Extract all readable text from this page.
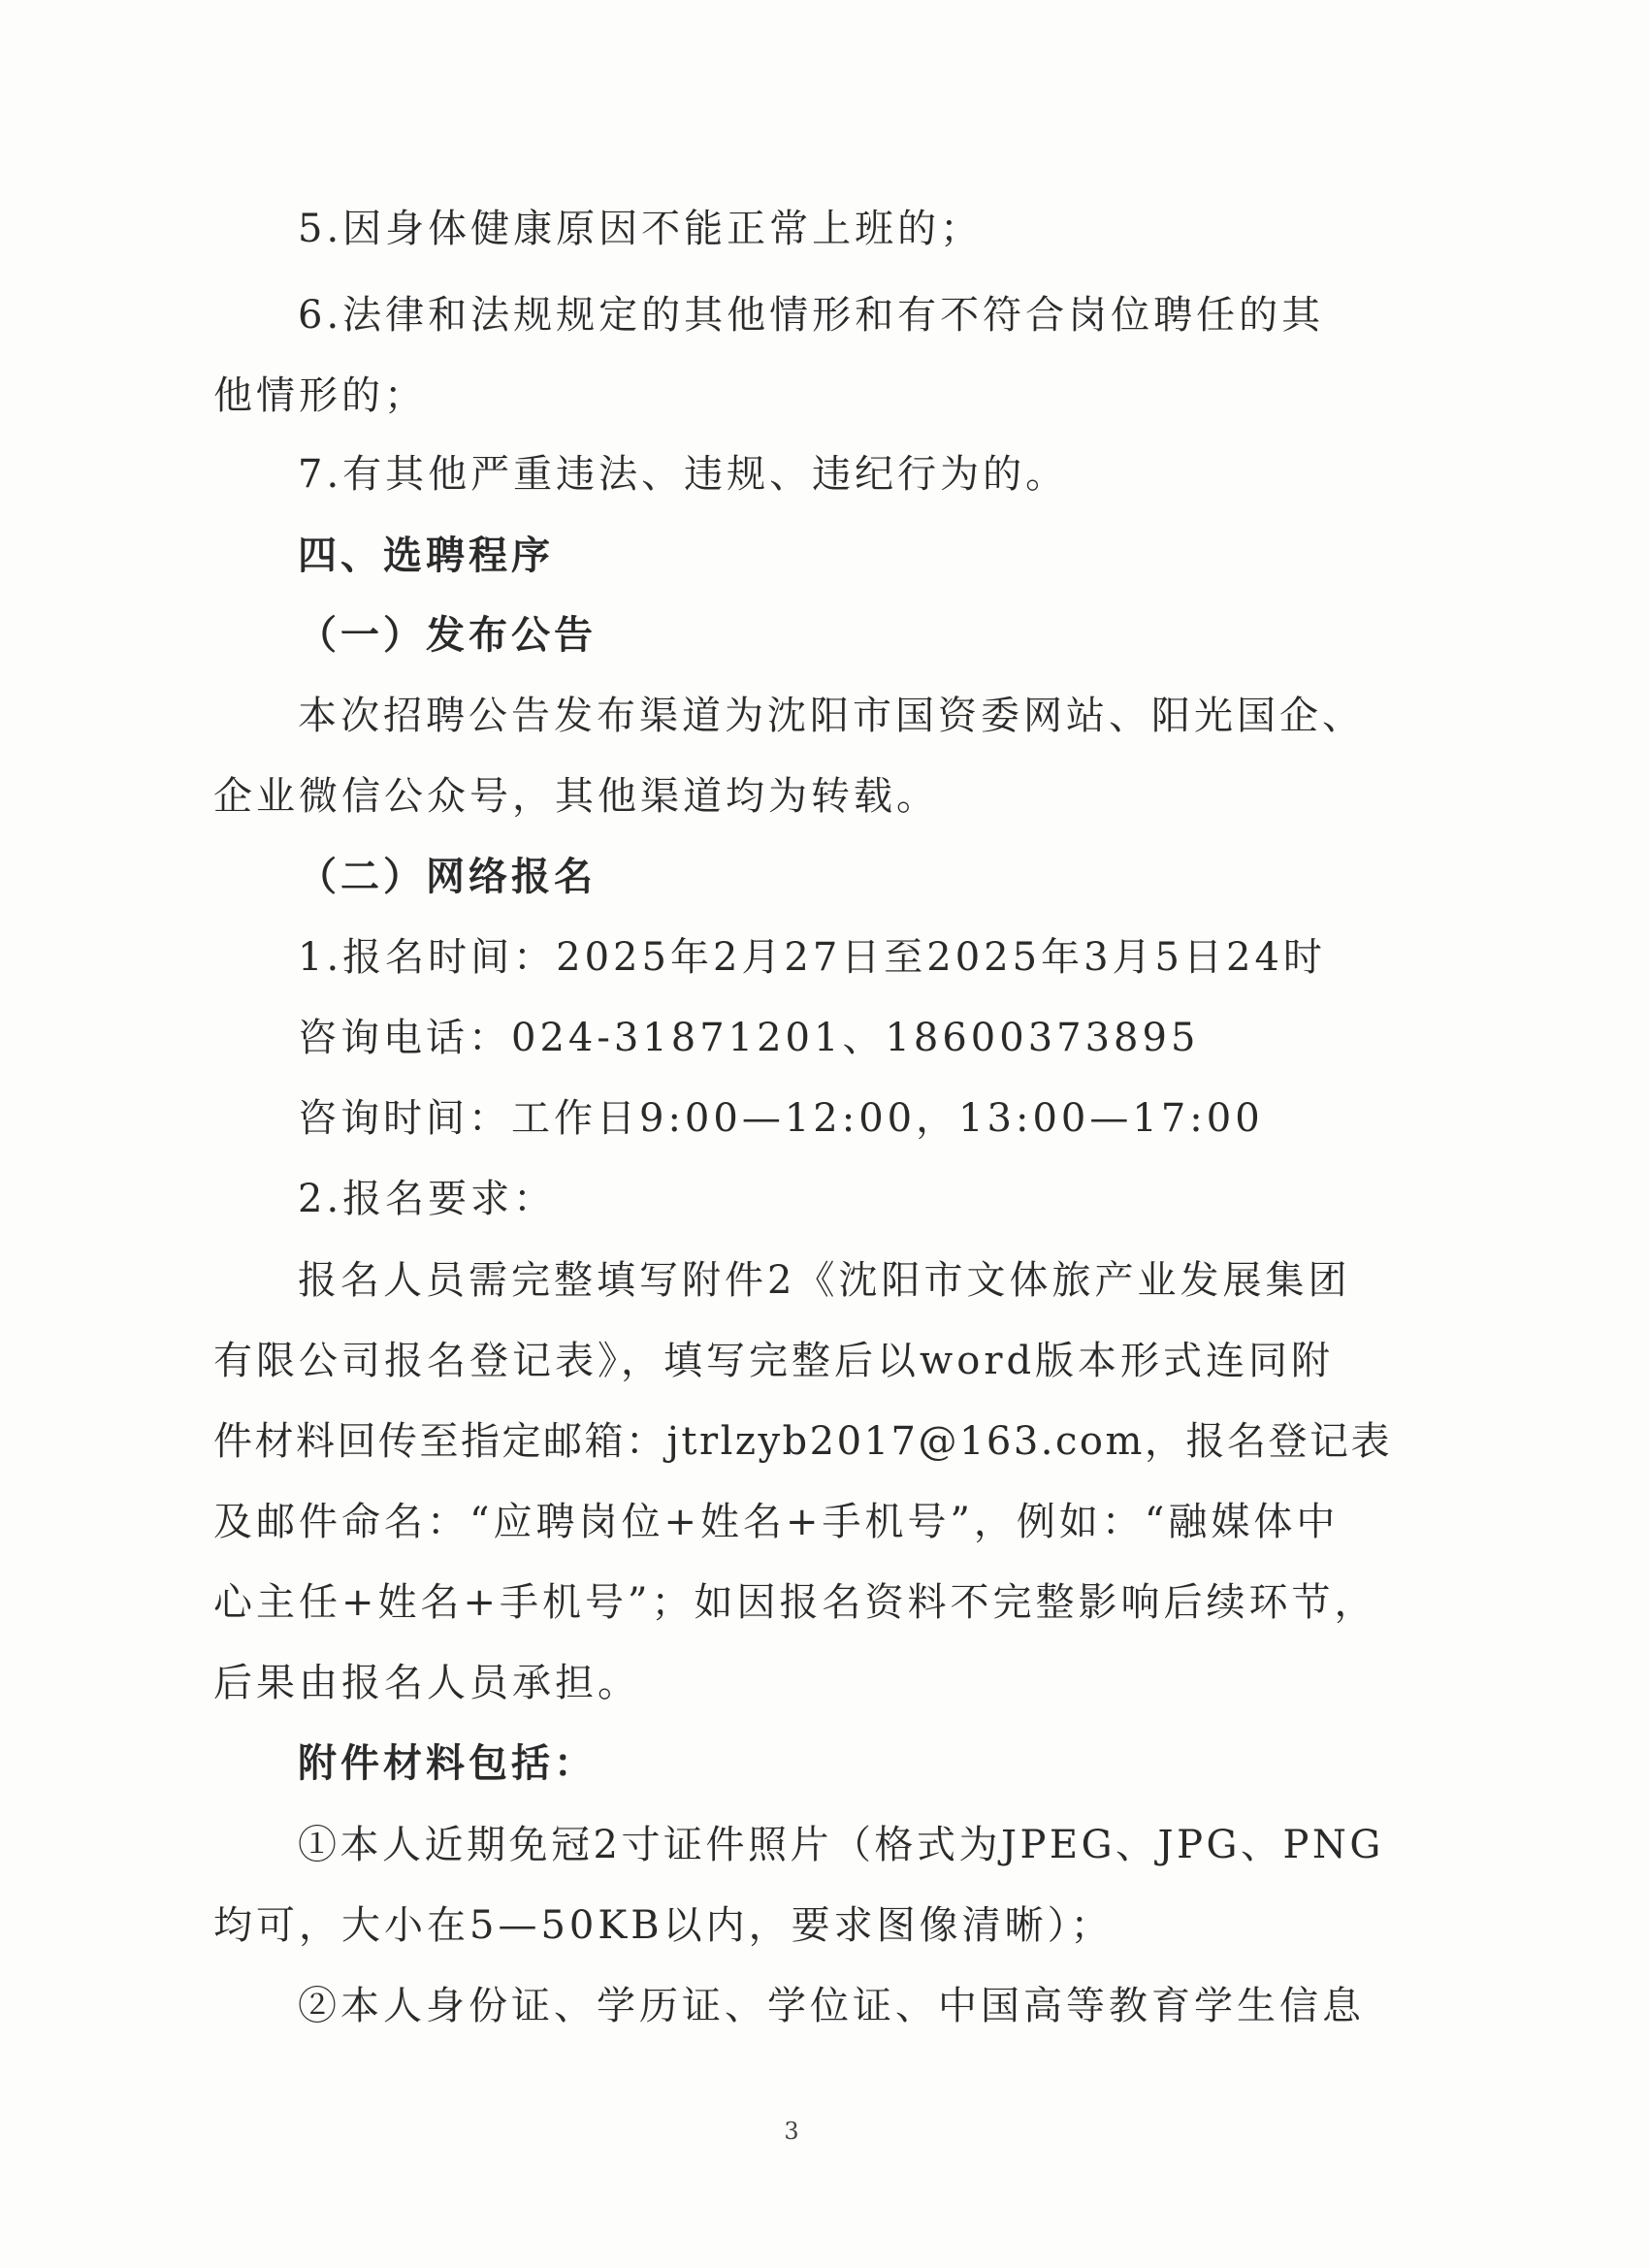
5.因身体健康原因不能正常上班的；
6.法律和法规规定的其他情形和有不符合岗位聘任的其
他情形的；
7.有其他严重违法、违规、违纪行为的。
四、选聘程序
（一）发布公告
本次招聘公告发布渠道为沈阳市国资委网站、阳光国企、
企业微信公众号，其他渠道均为转载。
（二）网络报名
1.报名时间：2025年2月27日至2025年3月5日24时
咨询电话：024-31871201、18600373895
咨询时间：工作日9:00—12:00，13:00—17:00
2.报名要求：
报名人员需完整填写附件2《沈阳市文体旅产业发展集团
有限公司报名登记表》，填写完整后以word版本形式连同附
件材料回传至指定邮箱：jtrlzyb2017@163.com，报名登记表
及邮件命名：“应聘岗位+姓名+手机号”，例如：“融媒体中
心主任+姓名+手机号”；如因报名资料不完整影响后续环节，
后果由报名人员承担。
附件材料包括：
①本人近期免冠2寸证件照片（格式为JPEG、JPG、PNG
均可，大小在5—50KB以内，要求图像清晰）；
②本人身份证、学历证、学位证、中国高等教育学生信息
3
